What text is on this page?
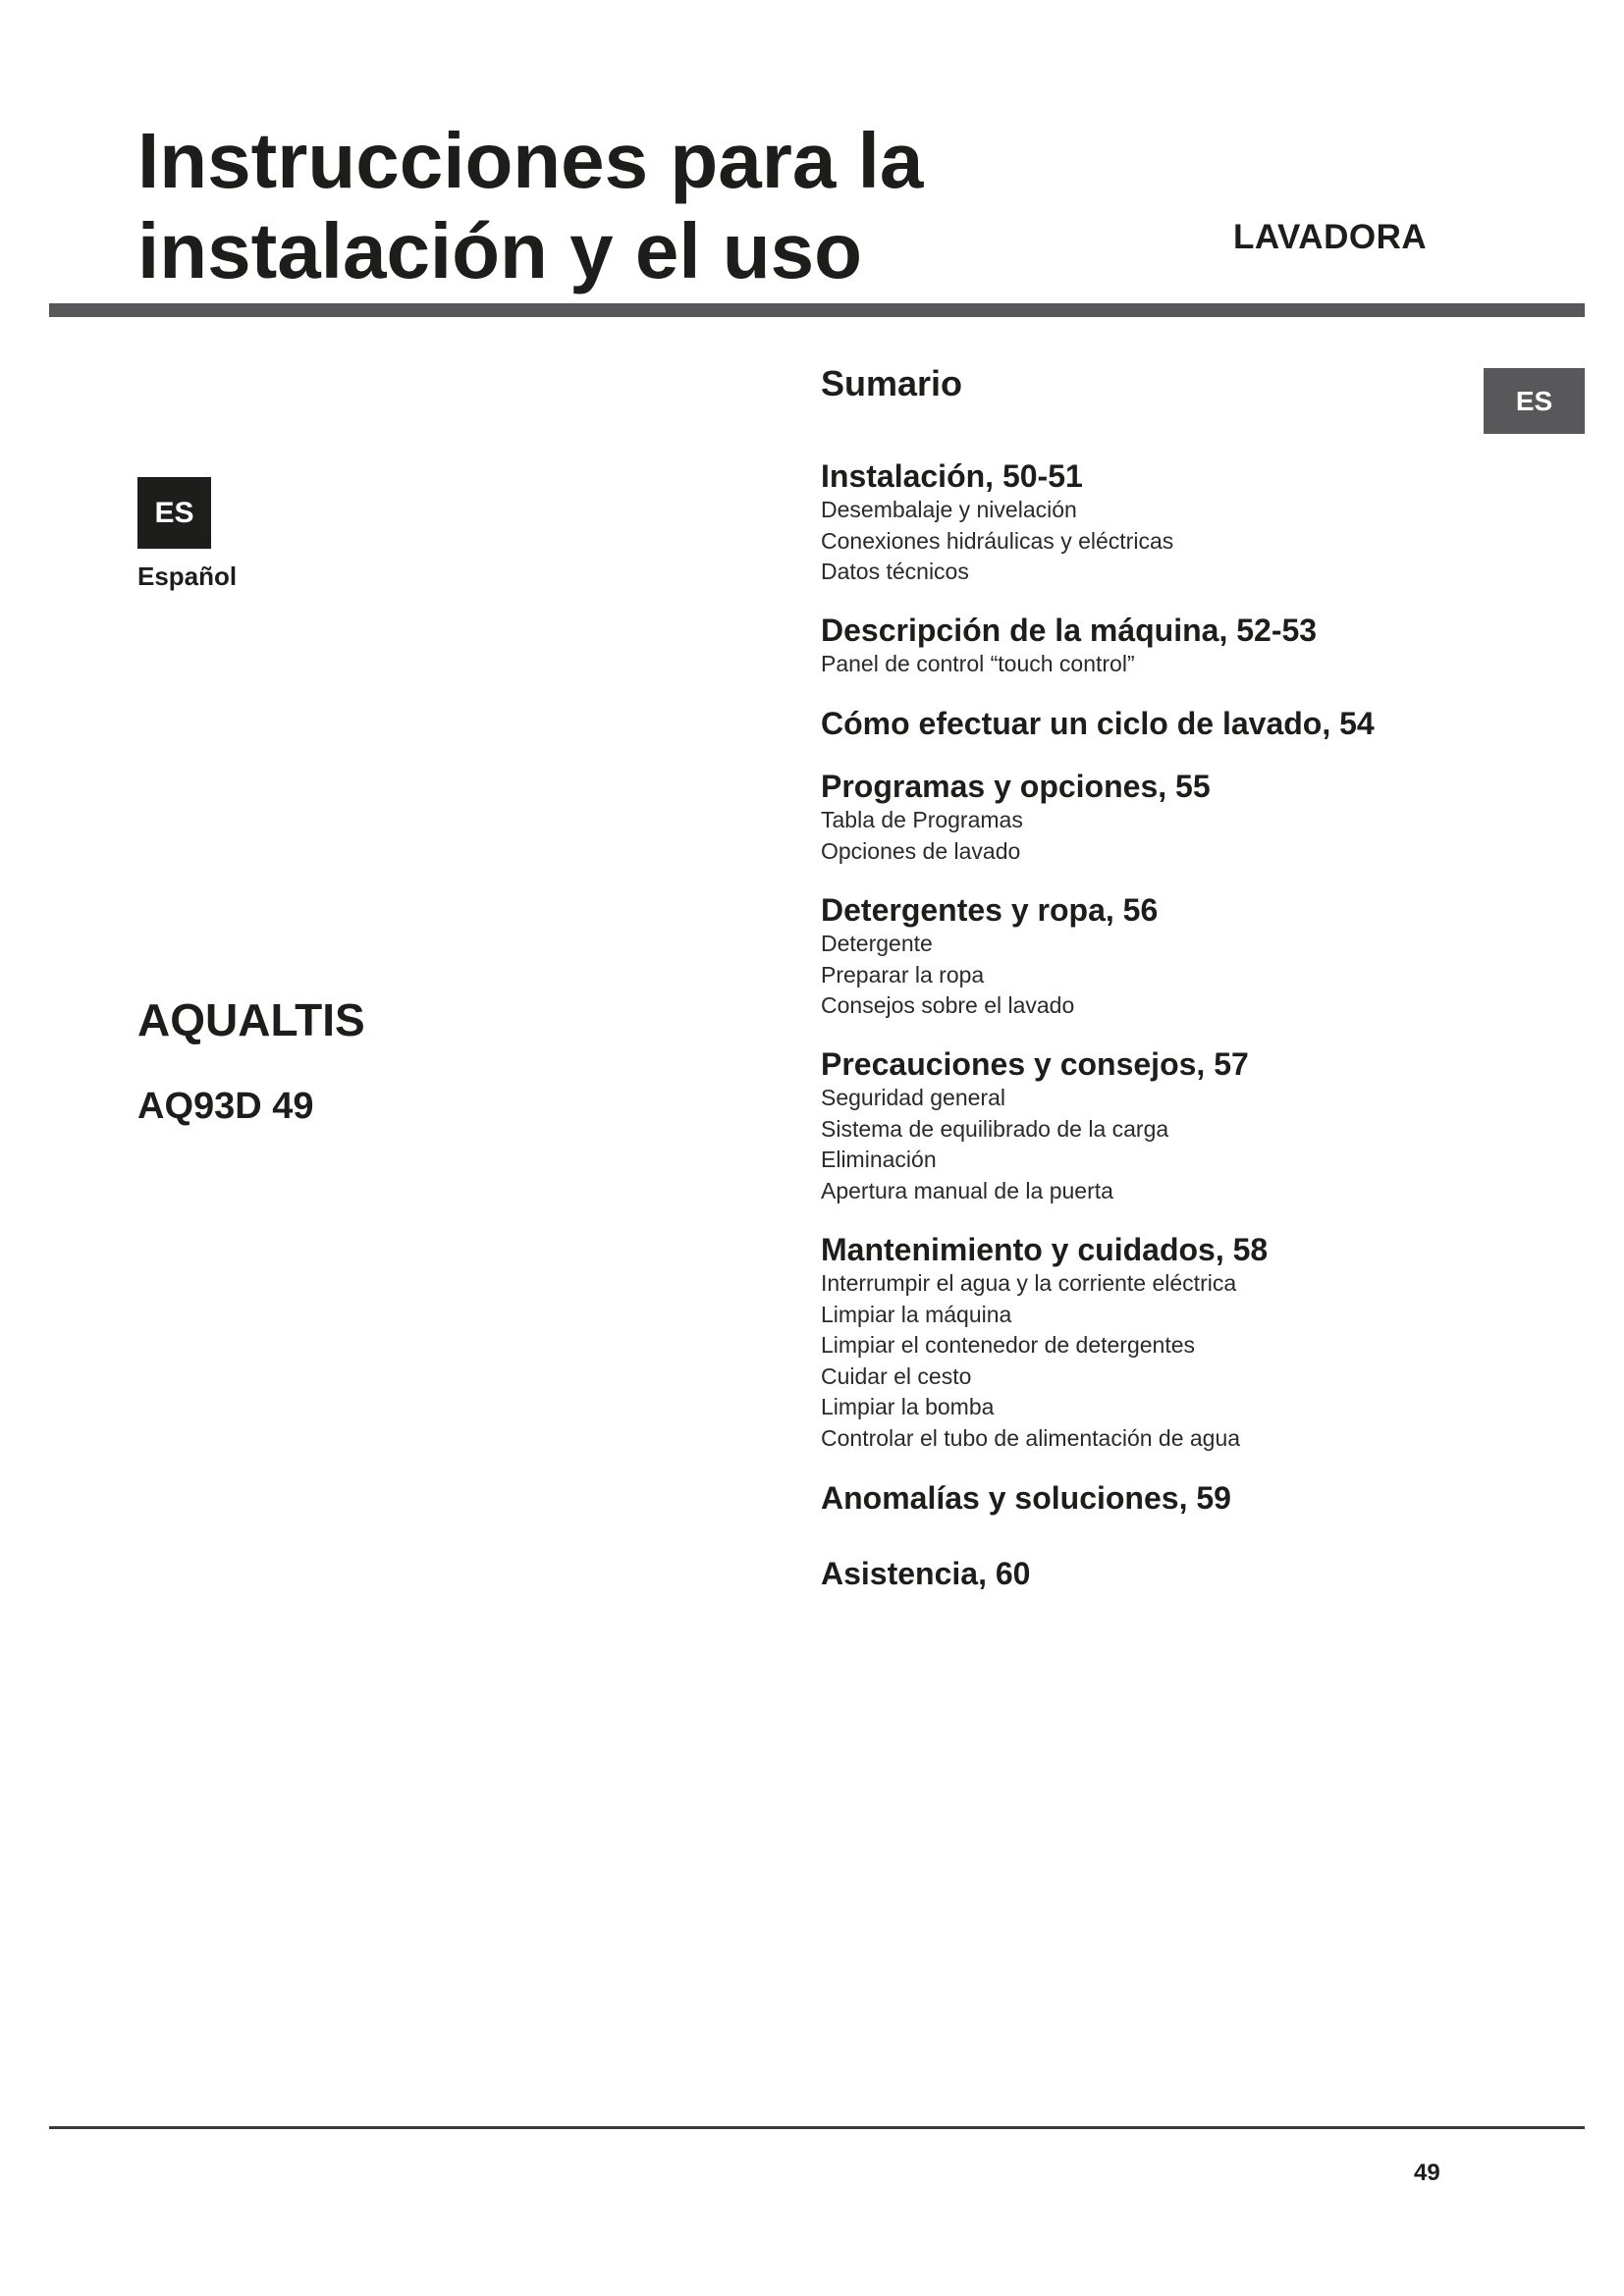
Instrucciones para la
instalación y el uso	LAVADORA
ES
ES
Español
AQUALTIS
AQ93D 49
Sumario
Instalación, 50-51
Desembalaje y nivelación
Conexiones hidráulicas y eléctricas
Datos técnicos
Descripción de la máquina, 52-53
Panel de control “touch control”
Cómo efectuar un ciclo de lavado, 54
Programas y opciones, 55
Tabla de Programas
Opciones de lavado
Detergentes y ropa, 56
Detergente
Preparar la ropa
Consejos sobre el lavado
Precauciones y consejos, 57
Seguridad general
Sistema de equilibrado de la carga
Eliminación
Apertura manual de la puerta
Mantenimiento y cuidados, 58
Interrumpir el agua y la corriente eléctrica
Limpiar la máquina
Limpiar el contenedor de detergentes
Cuidar el cesto
Limpiar la bomba
Controlar el tubo de alimentación de agua
Anomalías y soluciones, 59
Asistencia, 60
49
